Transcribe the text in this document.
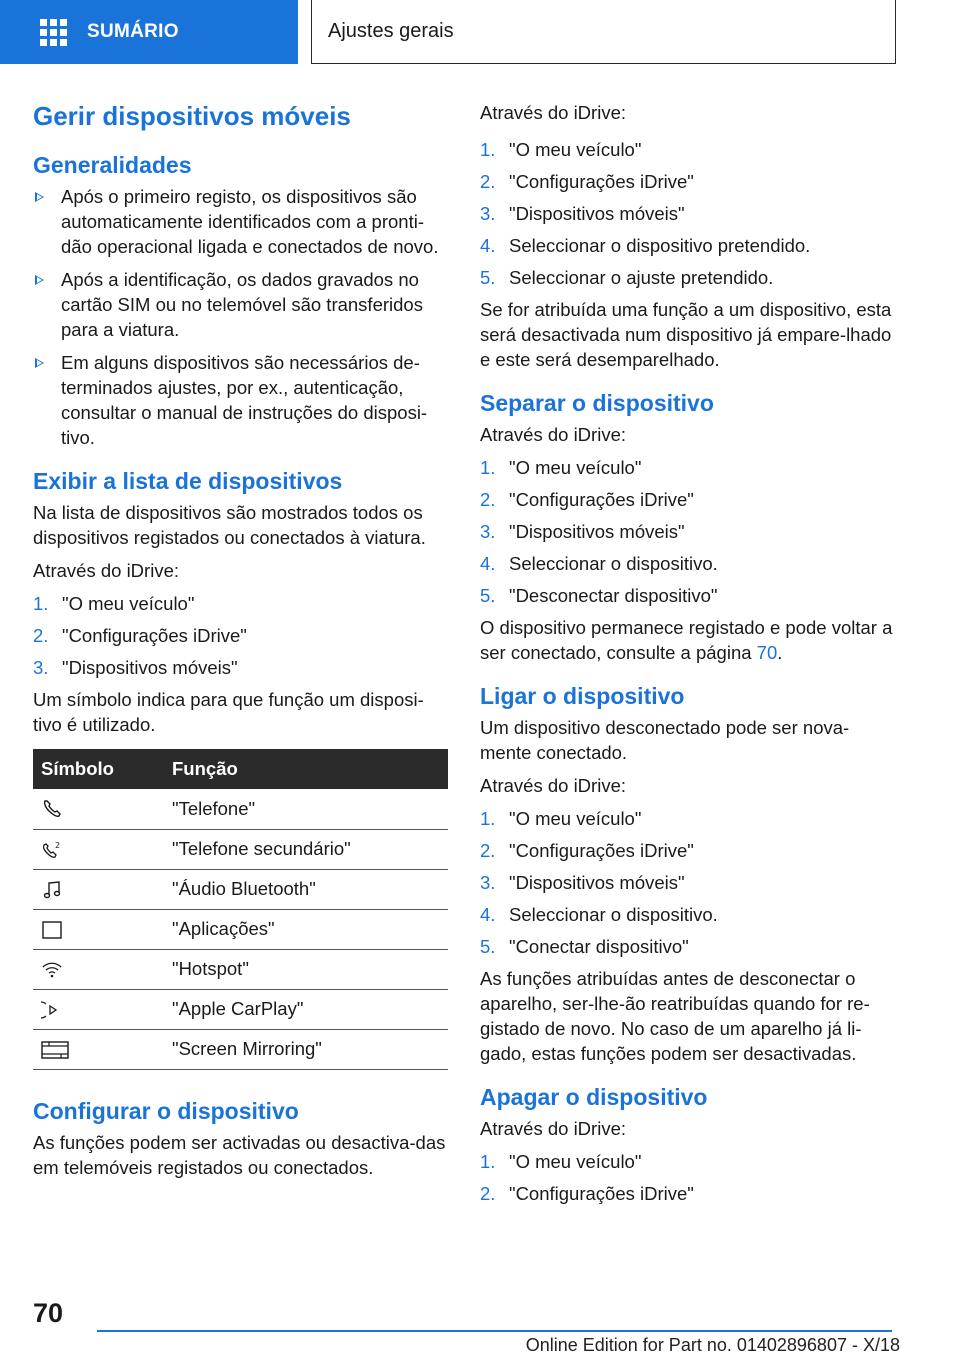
SUMÁRIO	Ajustes gerais
Gerir dispositivos móveis
Generalidades
Após o primeiro registo, os dispositivos são automaticamente identificados com a pronti-dão operacional ligada e conectados de novo.
Após a identificação, os dados gravados no cartão SIM ou no telemóvel são transferidos para a viatura.
Em alguns dispositivos são necessários de-terminados ajustes, por ex., autenticação, consultar o manual de instruções do disposi-tivo.
Exibir a lista de dispositivos
Na lista de dispositivos são mostrados todos os dispositivos registados ou conectados à viatura.
Através do iDrive:
1. "O meu veículo"
2. "Configurações iDrive"
3. "Dispositivos móveis"
Um símbolo indica para que função um disposi-tivo é utilizado.
Símbolo	Função

	"Telefone"

2	"Telefone secundário"

	"Áudio Bluetooth"

	"Aplicações"

	"Hotspot"

	"Apple CarPlay"

	"Screen Mirroring"
Configurar o dispositivo
As funções podem ser activadas ou desactiva-das em telemóveis registados ou conectados.
Através do iDrive:
1. "O meu veículo"
2. "Configurações iDrive"
3. "Dispositivos móveis"
4. Seleccionar o dispositivo pretendido.
5. Seleccionar o ajuste pretendido.
Se for atribuída uma função a um dispositivo, esta será desactivada num dispositivo já empare-lhado e este será desemparelhado.
Separar o dispositivo
Através do iDrive:
1. "O meu veículo"
2. "Configurações iDrive"
3. "Dispositivos móveis"
4. Seleccionar o dispositivo.
5. "Desconectar dispositivo"
O dispositivo permanece registado e pode voltar a ser conectado, consulte a página 70.
Ligar o dispositivo
Um dispositivo desconectado pode ser nova-mente conectado.
Através do iDrive:
1. "O meu veículo"
2. "Configurações iDrive"
3. "Dispositivos móveis"
4. Seleccionar o dispositivo.
5. "Conectar dispositivo"
As funções atribuídas antes de desconectar o aparelho, ser-lhe-ão reatribuídas quando for re-gistado de novo. No caso de um aparelho já li-gado, estas funções podem ser desactivadas.
Apagar o dispositivo
Através do iDrive:
1. "O meu veículo"
2. "Configurações iDrive"
70
Online Edition for Part no. 01402896807 - X/18
